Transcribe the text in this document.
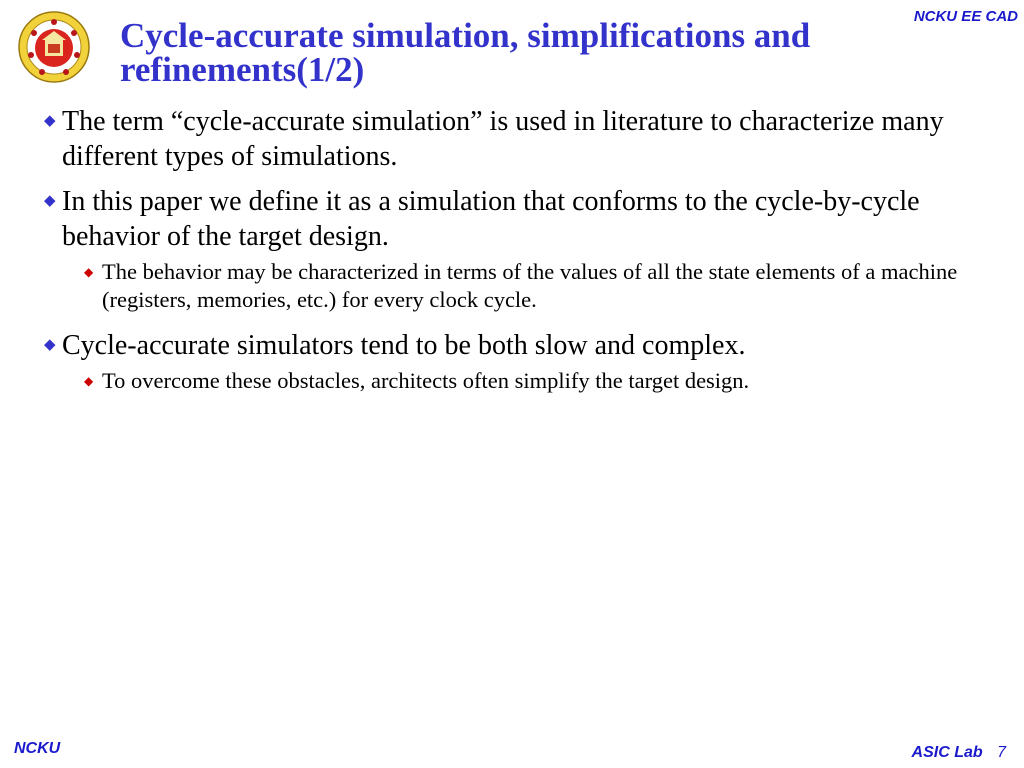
Cycle-accurate simulation, simplifications and refinements(1/2)
NCKU EE CAD
◆ The term “cycle-accurate simulation” is used in literature to characterize many different types of simulations.
◆ In this paper we define it as a simulation that conforms to the cycle-by-cycle behavior of the target design.
◆ The behavior may be characterized in terms of the values of all the state elements of a machine (registers, memories, etc.) for every clock cycle.
◆ Cycle-accurate simulators tend to be both slow and complex.
◆ To overcome these obstacles, architects often simplify the target design.
NCKU	ASIC Lab 7
